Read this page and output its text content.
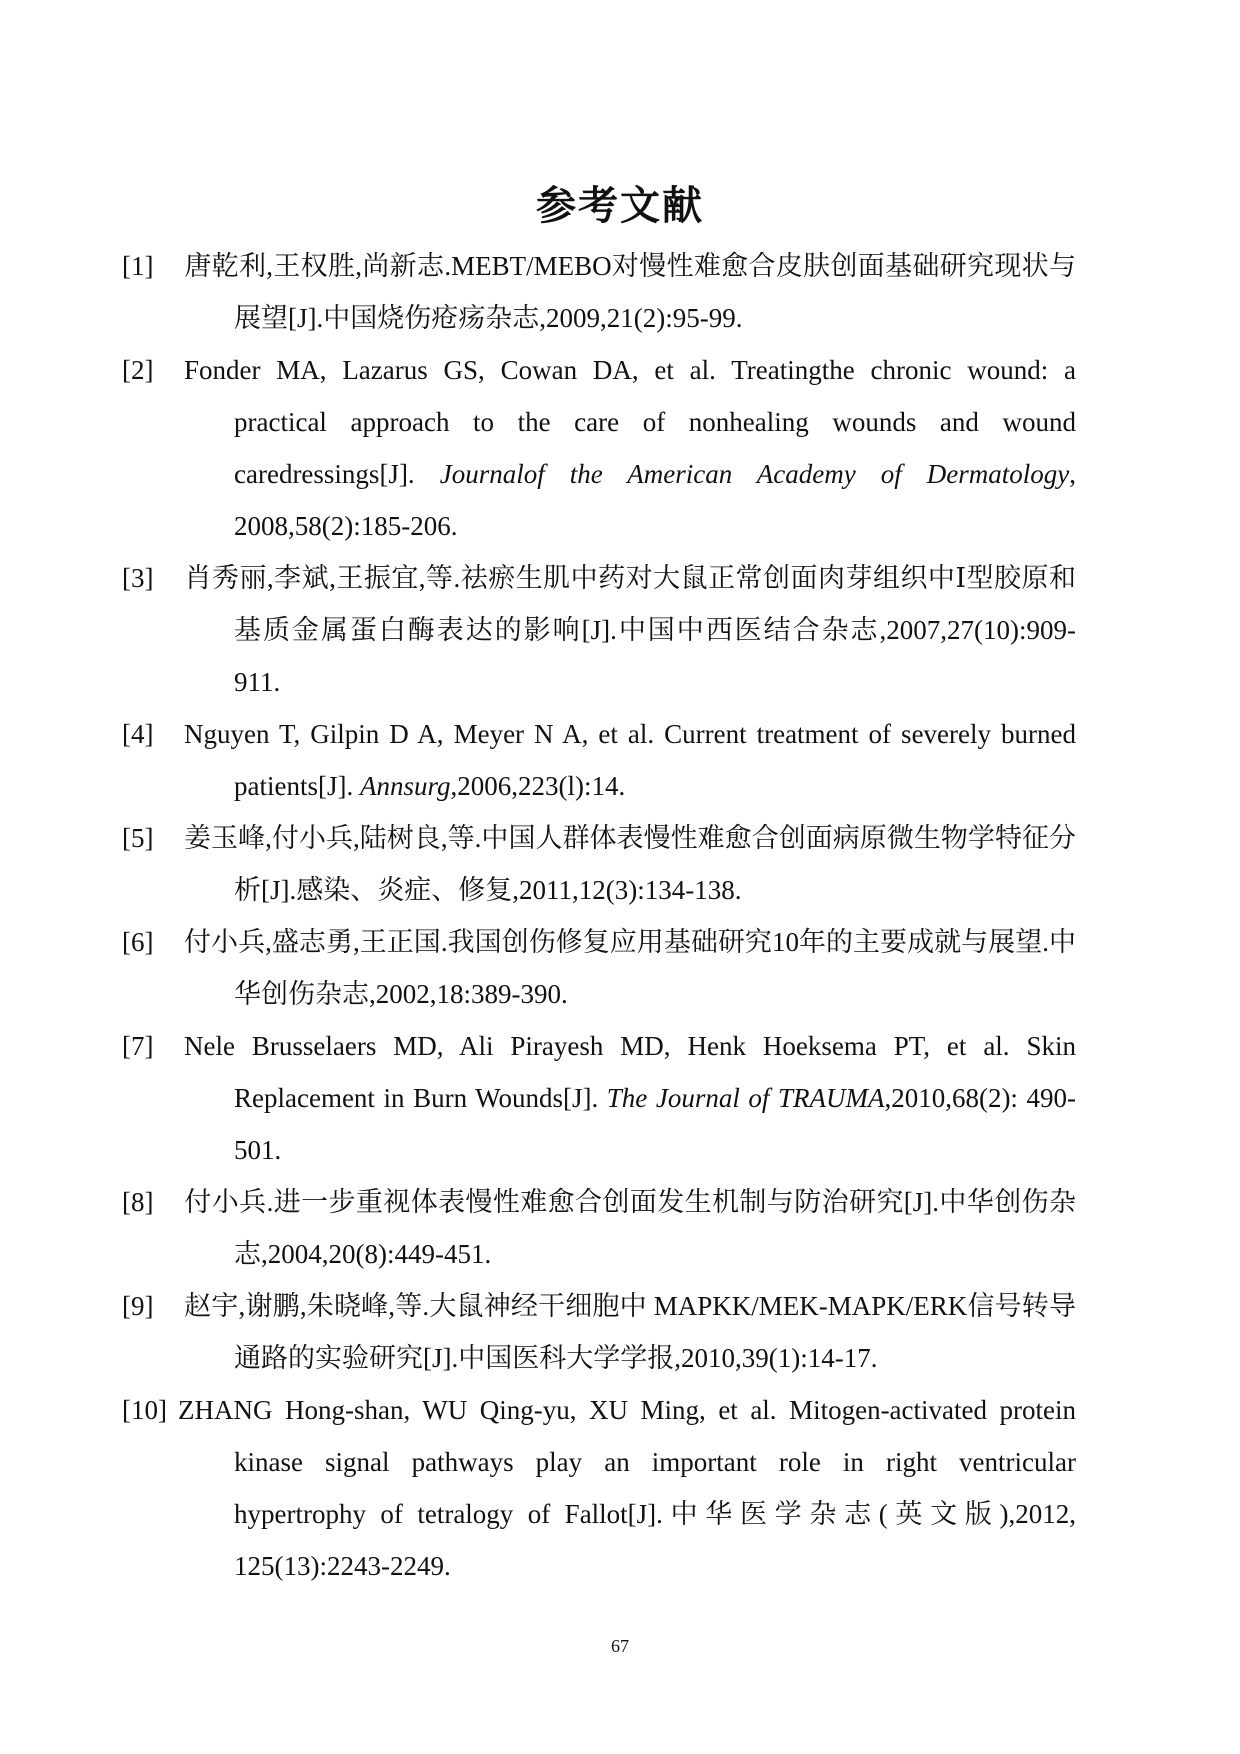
参考文献
[1] 唐乾利,王权胜,尚新志.MEBT/MEBO对慢性难愈合皮肤创面基础研究现状与展望[J].中国烧伤疮疡杂志,2009,21(2):95-99.
[2] Fonder MA, Lazarus GS, Cowan DA, et al. Treatingthe chronic wound: a practical approach to the care of nonhealing wounds and wound caredressings[J]. Journalof the American Academy of Dermatology, 2008,58(2):185-206.
[3] 肖秀丽,李斌,王振宜,等.祛瘀生肌中药对大鼠正常创面肉芽组织中Ⅰ型胶原和基质金属蛋白酶表达的影响[J].中国中西医结合杂志,2007,27(10):909-911.
[4] Nguyen T, Gilpin D A, Meyer N A, et al. Current treatment of severely burned patients[J]. Annsurg,2006,223(l):14.
[5] 姜玉峰,付小兵,陆树良,等.中国人群体表慢性难愈合创面病原微生物学特征分析[J].感染、炎症、修复,2011,12(3):134-138.
[6] 付小兵,盛志勇,王正国.我国创伤修复应用基础研究10年的主要成就与展望.中华创伤杂志,2002,18:389-390.
[7] Nele Brusselaers MD, Ali Pirayesh MD, Henk Hoeksema PT, et al. Skin Replacement in Burn Wounds[J]. The Journal of TRAUMA,2010,68(2): 490-501.
[8] 付小兵.进一步重视体表慢性难愈合创面发生机制与防治研究[J].中华创伤杂志,2004,20(8):449-451.
[9] 赵宇,谢鹏,朱晓峰,等.大鼠神经干细胞中 MAPKK/MEK-MAPK/ERK信号转导通路的实验研究[J].中国医科大学学报,2010,39(1):14-17.
[10] ZHANG Hong-shan, WU Qing-yu, XU Ming, et al. Mitogen-activated protein kinase signal pathways play an important role in right ventricular hypertrophy of tetralogy of Fallot[J].中华医学杂志(英文版),2012, 125(13):2243-2249.
67
